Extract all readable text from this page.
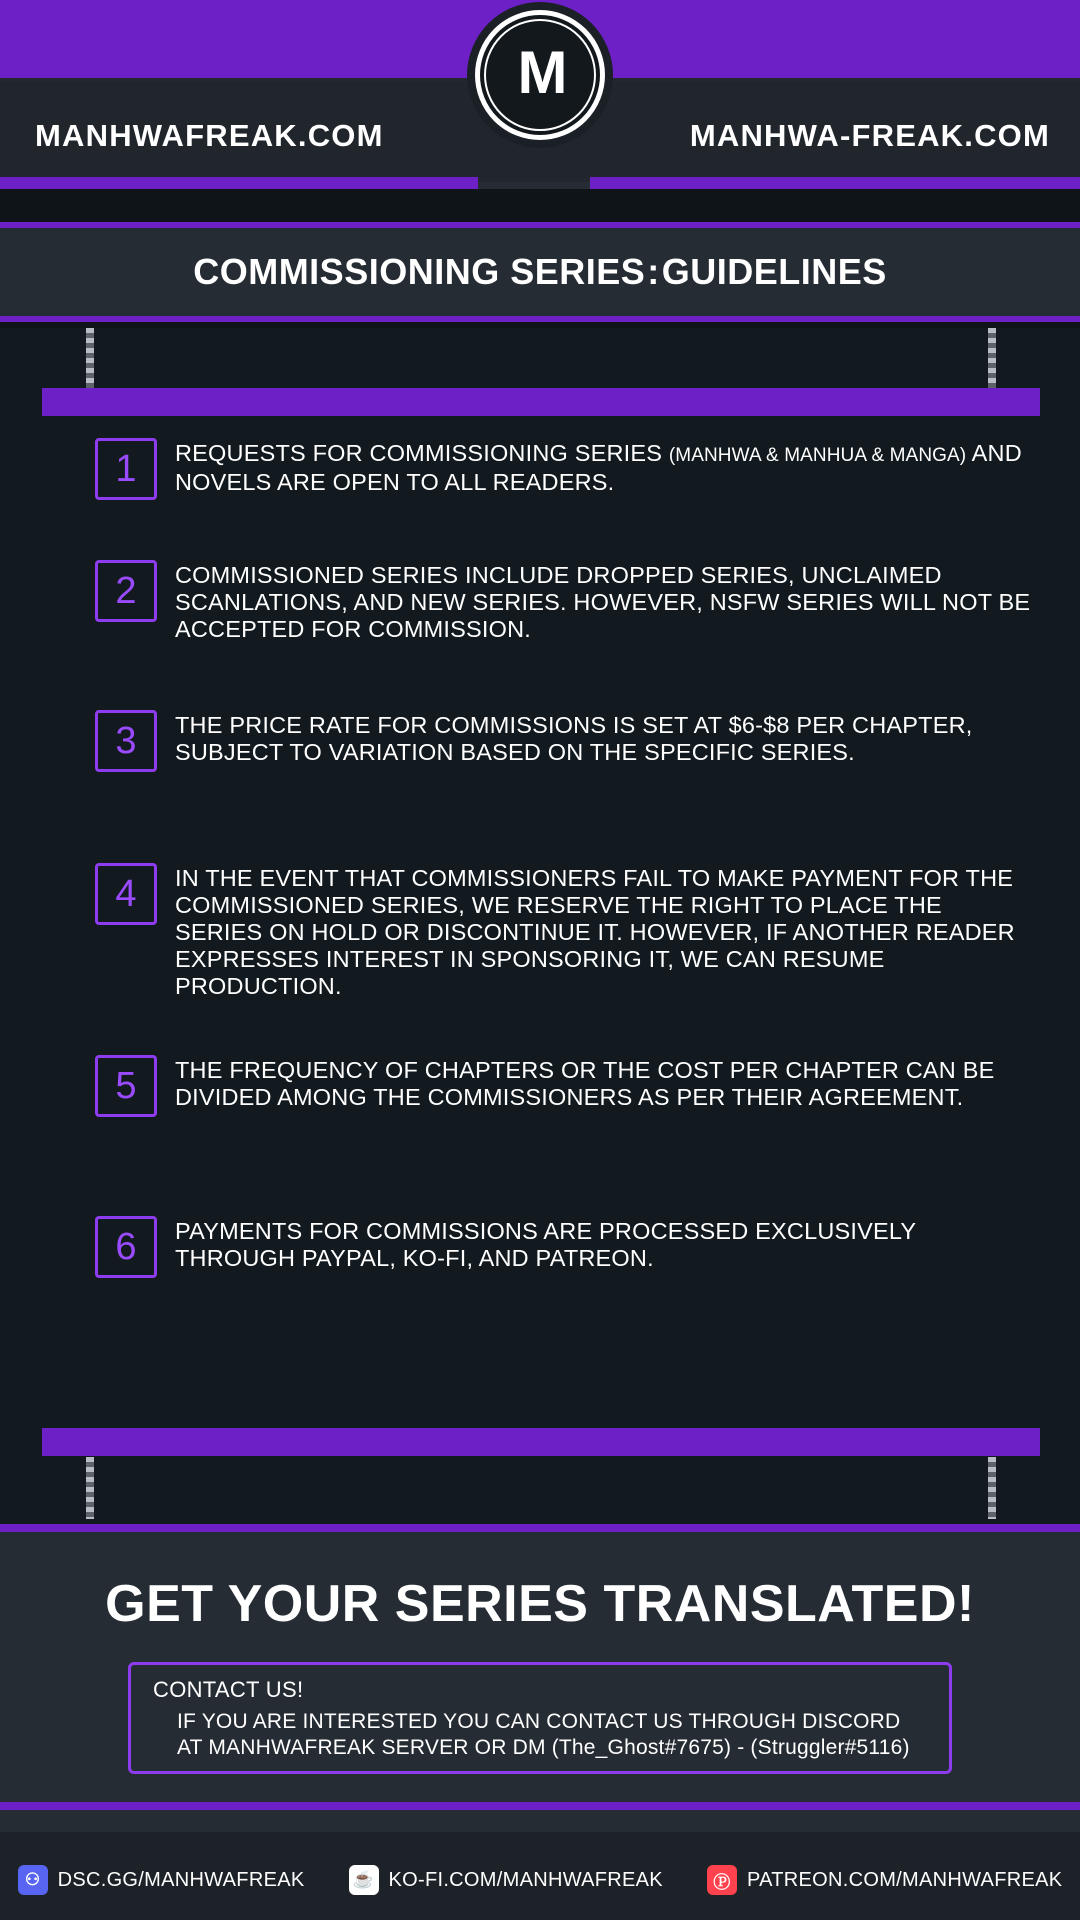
MANHWAFREAK.COM	MANHWA-FREAK.COM
M
COMMISSIONING SERIES:GUIDELINES
1	REQUESTS FOR COMMISSIONING SERIES (MANHWA & MANHUA & MANGA) AND NOVELS ARE OPEN TO ALL READERS.
2	COMMISSIONED SERIES INCLUDE DROPPED SERIES, UNCLAIMED SCANLATIONS, AND NEW SERIES. HOWEVER, NSFW SERIES WILL NOT BE ACCEPTED FOR COMMISSION.
3	THE PRICE RATE FOR COMMISSIONS IS SET AT $6-$8 PER CHAPTER, SUBJECT TO VARIATION BASED ON THE SPECIFIC SERIES.
4	IN THE EVENT THAT COMMISSIONERS FAIL TO MAKE PAYMENT FOR THE COMMISSIONED SERIES, WE RESERVE THE RIGHT TO PLACE THE SERIES ON HOLD OR DISCONTINUE IT. HOWEVER, IF ANOTHER READER EXPRESSES INTEREST IN SPONSORING IT, WE CAN RESUME PRODUCTION.
5	THE FREQUENCY OF CHAPTERS OR THE COST PER CHAPTER CAN BE DIVIDED AMONG THE COMMISSIONERS AS PER THEIR AGREEMENT.
6	PAYMENTS FOR COMMISSIONS ARE PROCESSED EXCLUSIVELY THROUGH PAYPAL, KO-FI, AND PATREON.
GET YOUR SERIES TRANSLATED!
CONTACT US!
IF YOU ARE INTERESTED YOU CAN CONTACT US THROUGH DISCORD
AT MANHWAFREAK SERVER OR DM (The_Ghost#7675) - (Struggler#5116)
⚇ DSC.GG/MANHWAFREAK	☕ KO-FI.COM/MANHWAFREAK	Ⓟ PATREON.COM/MANHWAFREAK
